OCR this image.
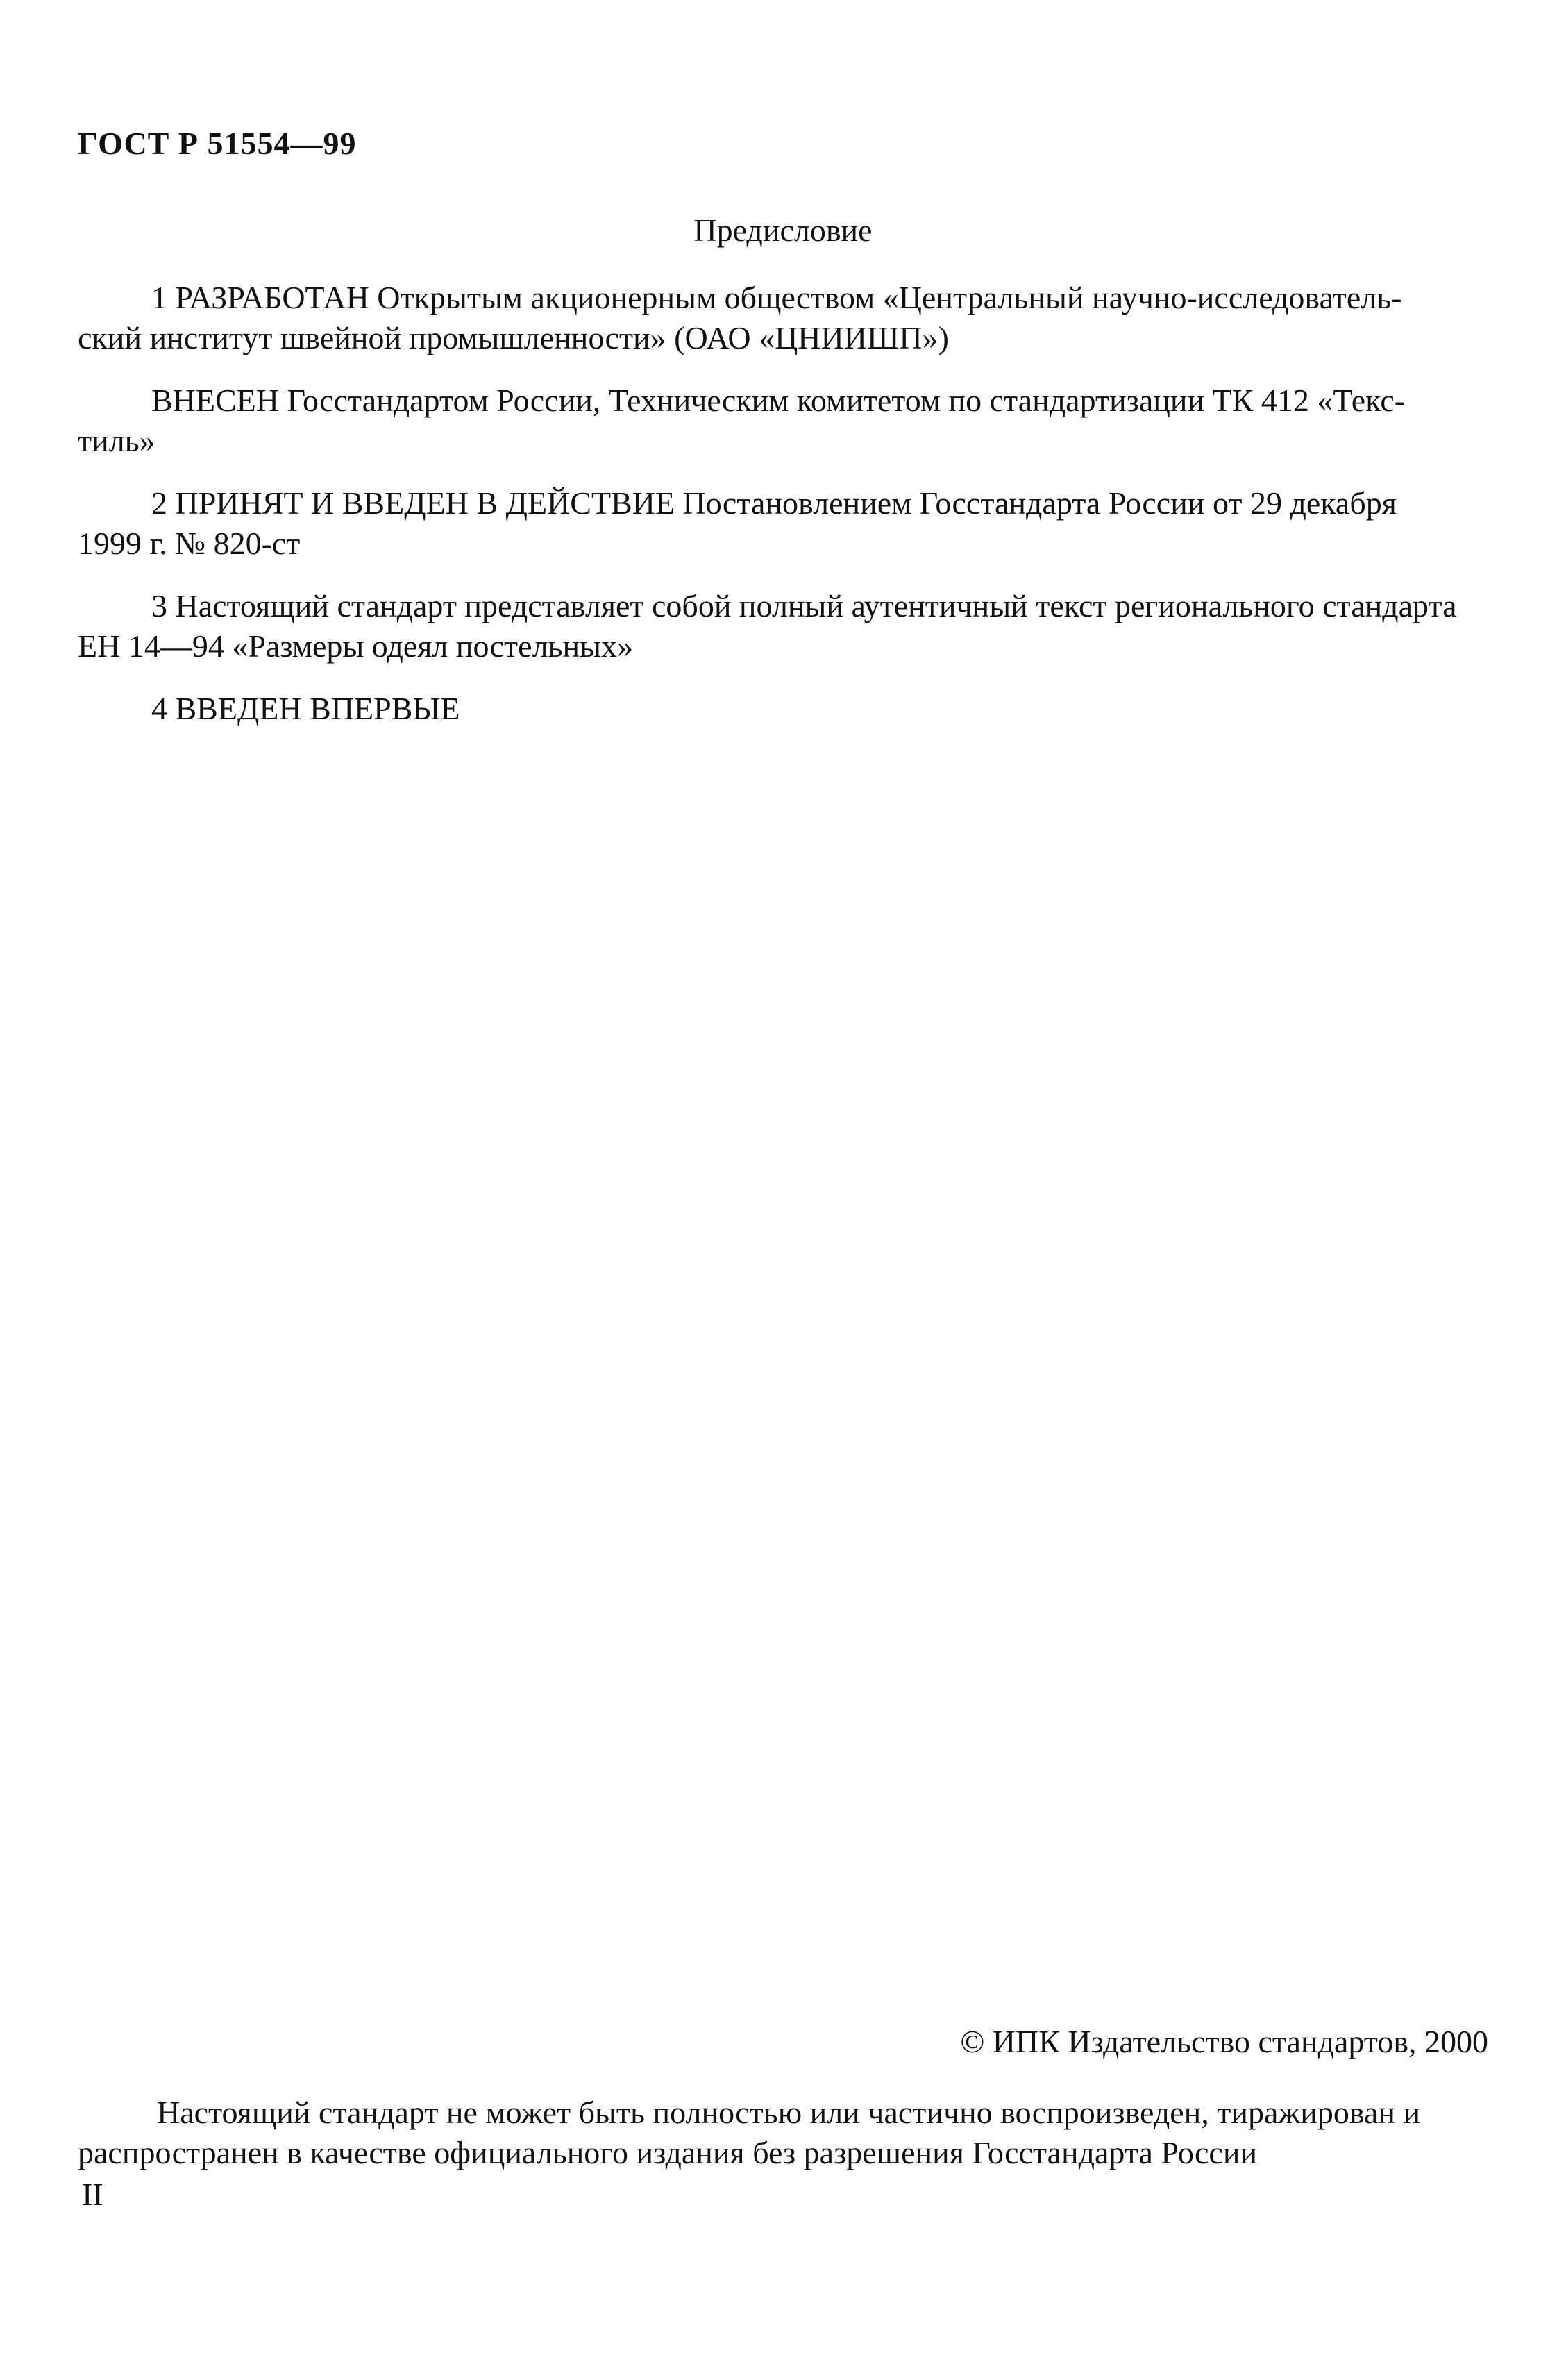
ГОСТ Р 51554—99
Предисловие
1 РАЗРАБОТАН Открытым акционерным обществом «Центральный научно-исследователь-
ский институт швейной промышленности» (ОАО «ЦНИИШП»)
ВНЕСЕН Госстандартом России, Техническим комитетом по стандартизации ТК 412 «Текс-
тиль»
2 ПРИНЯТ И ВВЕДЕН В ДЕЙСТВИЕ Постановлением Госстандарта России от 29 декабря
1999 г. № 820-ст
3 Настоящий стандарт представляет собой полный аутентичный текст регионального стандарта
ЕН 14—94 «Размеры одеял постельных»
4 ВВЕДЕН ВПЕРВЫЕ
© ИПК Издательство стандартов, 2000
Настоящий стандарт не может быть полностью или частично воспроизведен, тиражирован и
распространен в качестве официального издания без разрешения Госстандарта России
II
